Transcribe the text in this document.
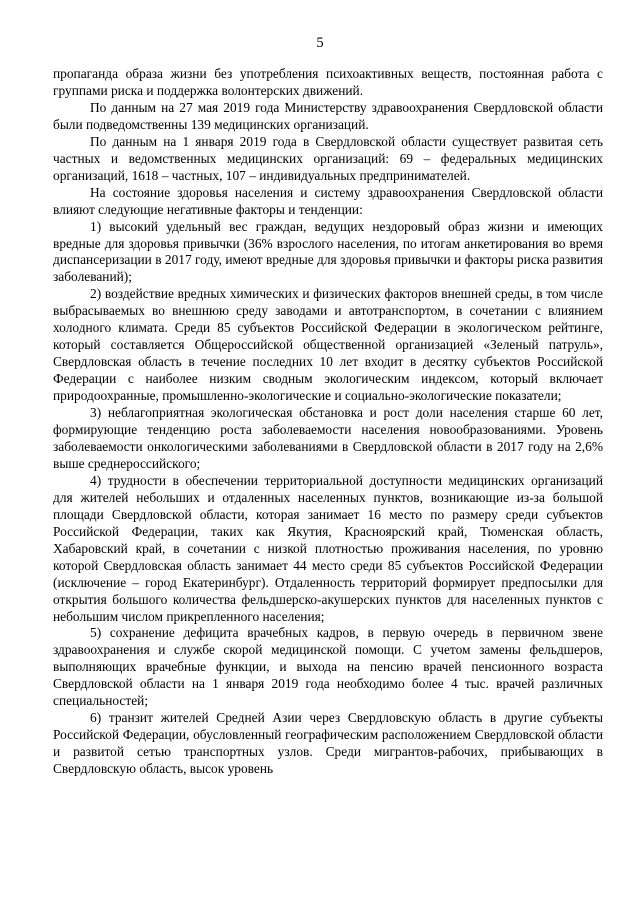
5

пропаганда образа жизни без употребления психоактивных веществ, постоянная работа с группами риска и поддержка волонтерских движений.

По данным на 27 мая 2019 года Министерству здравоохранения Свердловской области были подведомственны 139 медицинских организаций.

По данным на 1 января 2019 года в Свердловской области существует развитая сеть частных и ведомственных медицинских организаций: 69 – федеральных медицинских организаций, 1618 – частных, 107 – индивидуальных предпринимателей.

На состояние здоровья населения и систему здравоохранения Свердловской области влияют следующие негативные факторы и тенденции:

1) высокий удельный вес граждан, ведущих нездоровый образ жизни и имеющих вредные для здоровья привычки (36% взрослого населения, по итогам анкетирования во время диспансеризации в 2017 году, имеют вредные для здоровья привычки и факторы риска развития заболеваний);

2) воздействие вредных химических и физических факторов внешней среды, в том числе выбрасываемых во внешнюю среду заводами и автотранспортом, в сочетании с влиянием холодного климата. Среди 85 субъектов Российской Федерации в экологическом рейтинге, который составляется Общероссийской общественной организацией «Зеленый патруль», Свердловская область в течение последних 10 лет входит в десятку субъектов Российской Федерации с наиболее низким сводным экологическим индексом, который включает природоохранные, промышленно-экологические и социально-экологические показатели;

3) неблагоприятная экологическая обстановка и рост доли населения старше 60 лет, формирующие тенденцию роста заболеваемости населения новообразованиями. Уровень заболеваемости онкологическими заболеваниями в Свердловской области в 2017 году на 2,6% выше среднероссийского;

4) трудности в обеспечении территориальной доступности медицинских организаций для жителей небольших и отдаленных населенных пунктов, возникающие из-за большой площади Свердловской области, которая занимает 16 место по размеру среди субъектов Российской Федерации, таких как Якутия, Красноярский край, Тюменская область, Хабаровский край, в сочетании с низкой плотностью проживания населения, по уровню которой Свердловская область занимает 44 место среди 85 субъектов Российской Федерации (исключение – город Екатеринбург). Отдаленность территорий формирует предпосылки для открытия большого количества фельдшерско-акушерских пунктов для населенных пунктов с небольшим числом прикрепленного населения;

5) сохранение дефицита врачебных кадров, в первую очередь в первичном звене здравоохранения и службе скорой медицинской помощи. С учетом замены фельдшеров, выполняющих врачебные функции, и выхода на пенсию врачей пенсионного возраста Свердловской области на 1 января 2019 года необходимо более 4 тыс. врачей различных специальностей;

6) транзит жителей Средней Азии через Свердловскую область в другие субъекты Российской Федерации, обусловленный географическим расположением Свердловской области и развитой сетью транспортных узлов. Среди мигрантов-рабочих, прибывающих в Свердловскую область, высок уровень
